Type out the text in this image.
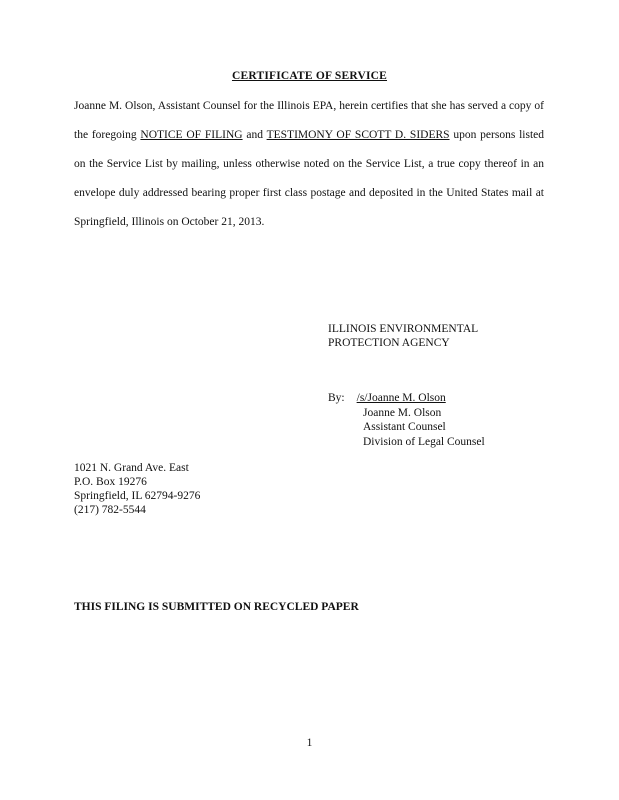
CERTIFICATE OF SERVICE
Joanne M. Olson, Assistant Counsel for the Illinois EPA, herein certifies that she has served a copy of the foregoing NOTICE OF FILING and TESTIMONY OF SCOTT D. SIDERS upon persons listed on the Service List by mailing, unless otherwise noted on the Service List, a true copy thereof in an envelope duly addressed bearing proper first class postage and deposited in the United States mail at Springfield, Illinois on October 21, 2013.
ILLINOIS ENVIRONMENTAL
PROTECTION AGENCY
By: /s/Joanne M. Olson
Joanne M. Olson
Assistant Counsel
Division of Legal Counsel
1021 N. Grand Ave. East
P.O. Box 19276
Springfield, IL 62794-9276
(217) 782-5544
THIS FILING IS SUBMITTED ON RECYCLED PAPER
1
